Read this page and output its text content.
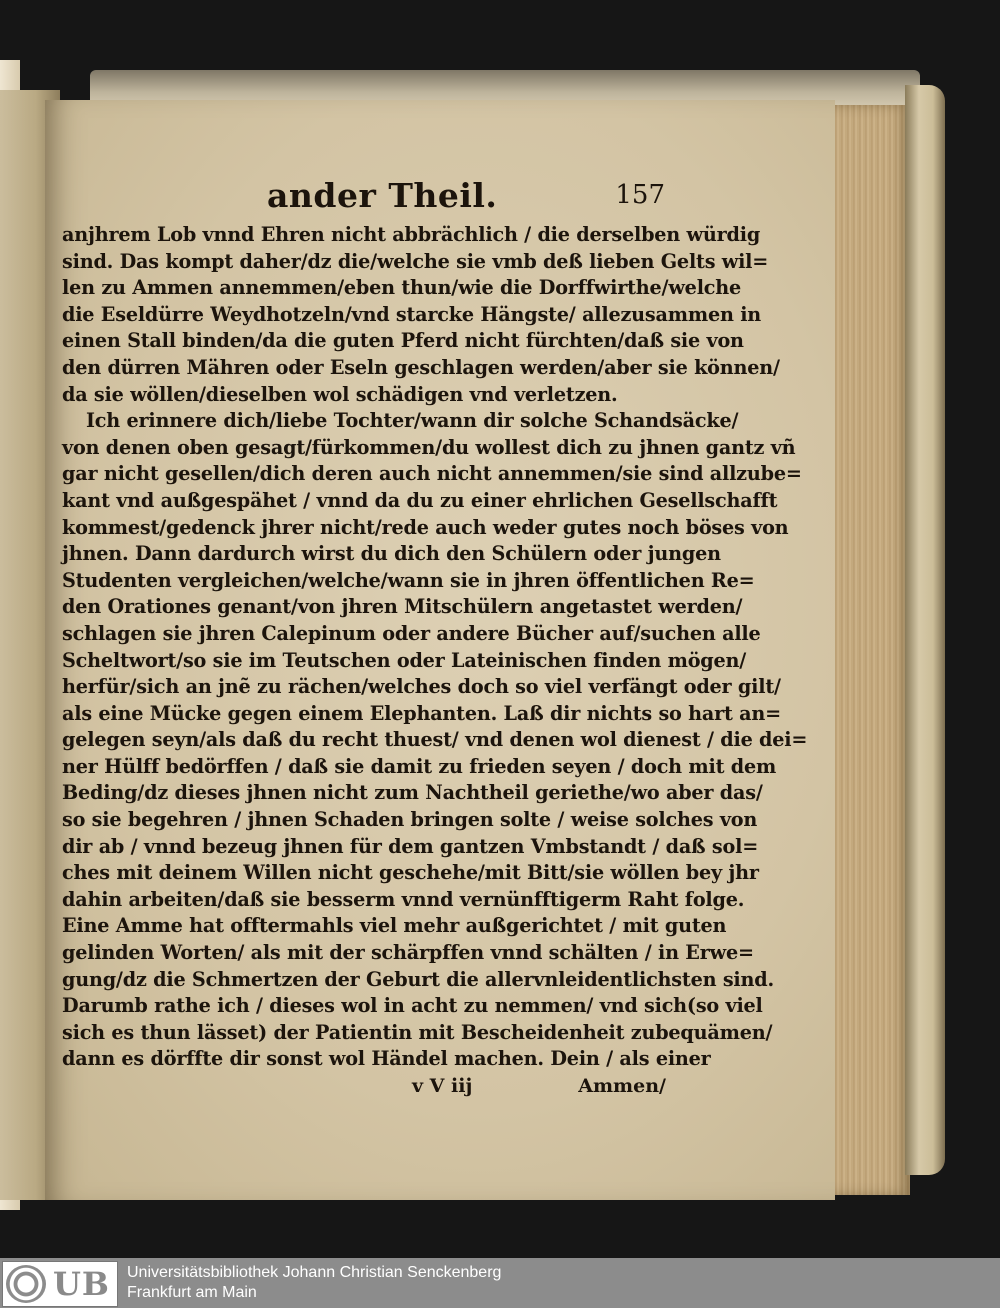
ander Theil.	157
anjhrem Lob vnnd Ehren nicht abbrächlich / die derselben würdig
sind. Das kompt daher/dz die/welche sie vmb deß lieben Gelts wil=
len zu Ammen annemmen/eben thun/wie die Dorffwirthe/welche
die Eseldürre Weydhotzeln/vnd starcke Hängste/ allezusammen in
einen Stall binden/da die guten Pferd nicht fürchten/daß sie von
den dürren Mähren oder Eseln geschlagen werden/aber sie können/
da sie wöllen/dieselben wol schädigen vnd verletzen.
Ich erinnere dich/liebe Tochter/wann dir solche Schandsäcke/
von denen oben gesagt/fürkommen/du wollest dich zu jhnen gantz vñ
gar nicht gesellen/dich deren auch nicht annemmen/sie sind allzube=
kant vnd außgespähet / vnnd da du zu einer ehrlichen Gesellschafft
kommest/gedenck jhrer nicht/rede auch weder gutes noch böses von
jhnen. Dann dardurch wirst du dich den Schülern oder jungen
Studenten vergleichen/welche/wann sie in jhren öffentlichen Re=
den Orationes genant/von jhren Mitschülern angetastet werden/
schlagen sie jhren Calepinum oder andere Bücher auf/suchen alle
Scheltwort/so sie im Teutschen oder Lateinischen finden mögen/
herfür/sich an jnẽ zu rächen/welches doch so viel verfängt oder gilt/
als eine Mücke gegen einem Elephanten. Laß dir nichts so hart an=
gelegen seyn/als daß du recht thuest/ vnd denen wol dienest / die dei=
ner Hülff bedörffen / daß sie damit zu frieden seyen / doch mit dem
Beding/dz dieses jhnen nicht zum Nachtheil geriethe/wo aber das/
so sie begehren / jhnen Schaden bringen solte / weise solches von
dir ab / vnnd bezeug jhnen für dem gantzen Vmbstandt / daß sol=
ches mit deinem Willen nicht geschehe/mit Bitt/sie wöllen bey jhr
dahin arbeiten/daß sie besserm vnnd vernünfftigerm Raht folge.
Eine Amme hat offtermahls viel mehr außgerichtet / mit guten
gelinden Worten/ als mit der schärpffen vnnd schälten / in Erwe=
gung/dz die Schmertzen der Geburt die allervnleidentlichsten sind.
Darumb rathe ich / dieses wol in acht zu nemmen/ vnd sich(so viel
sich es thun lässet) der Patientin mit Bescheidenheit zubequämen/
dann es dörffte dir sonst wol Händel machen. Dein / als einer
v V iij	Ammen/
UB Universitätsbibliothek Johann Christian Senckenberg
Frankfurt am Main
